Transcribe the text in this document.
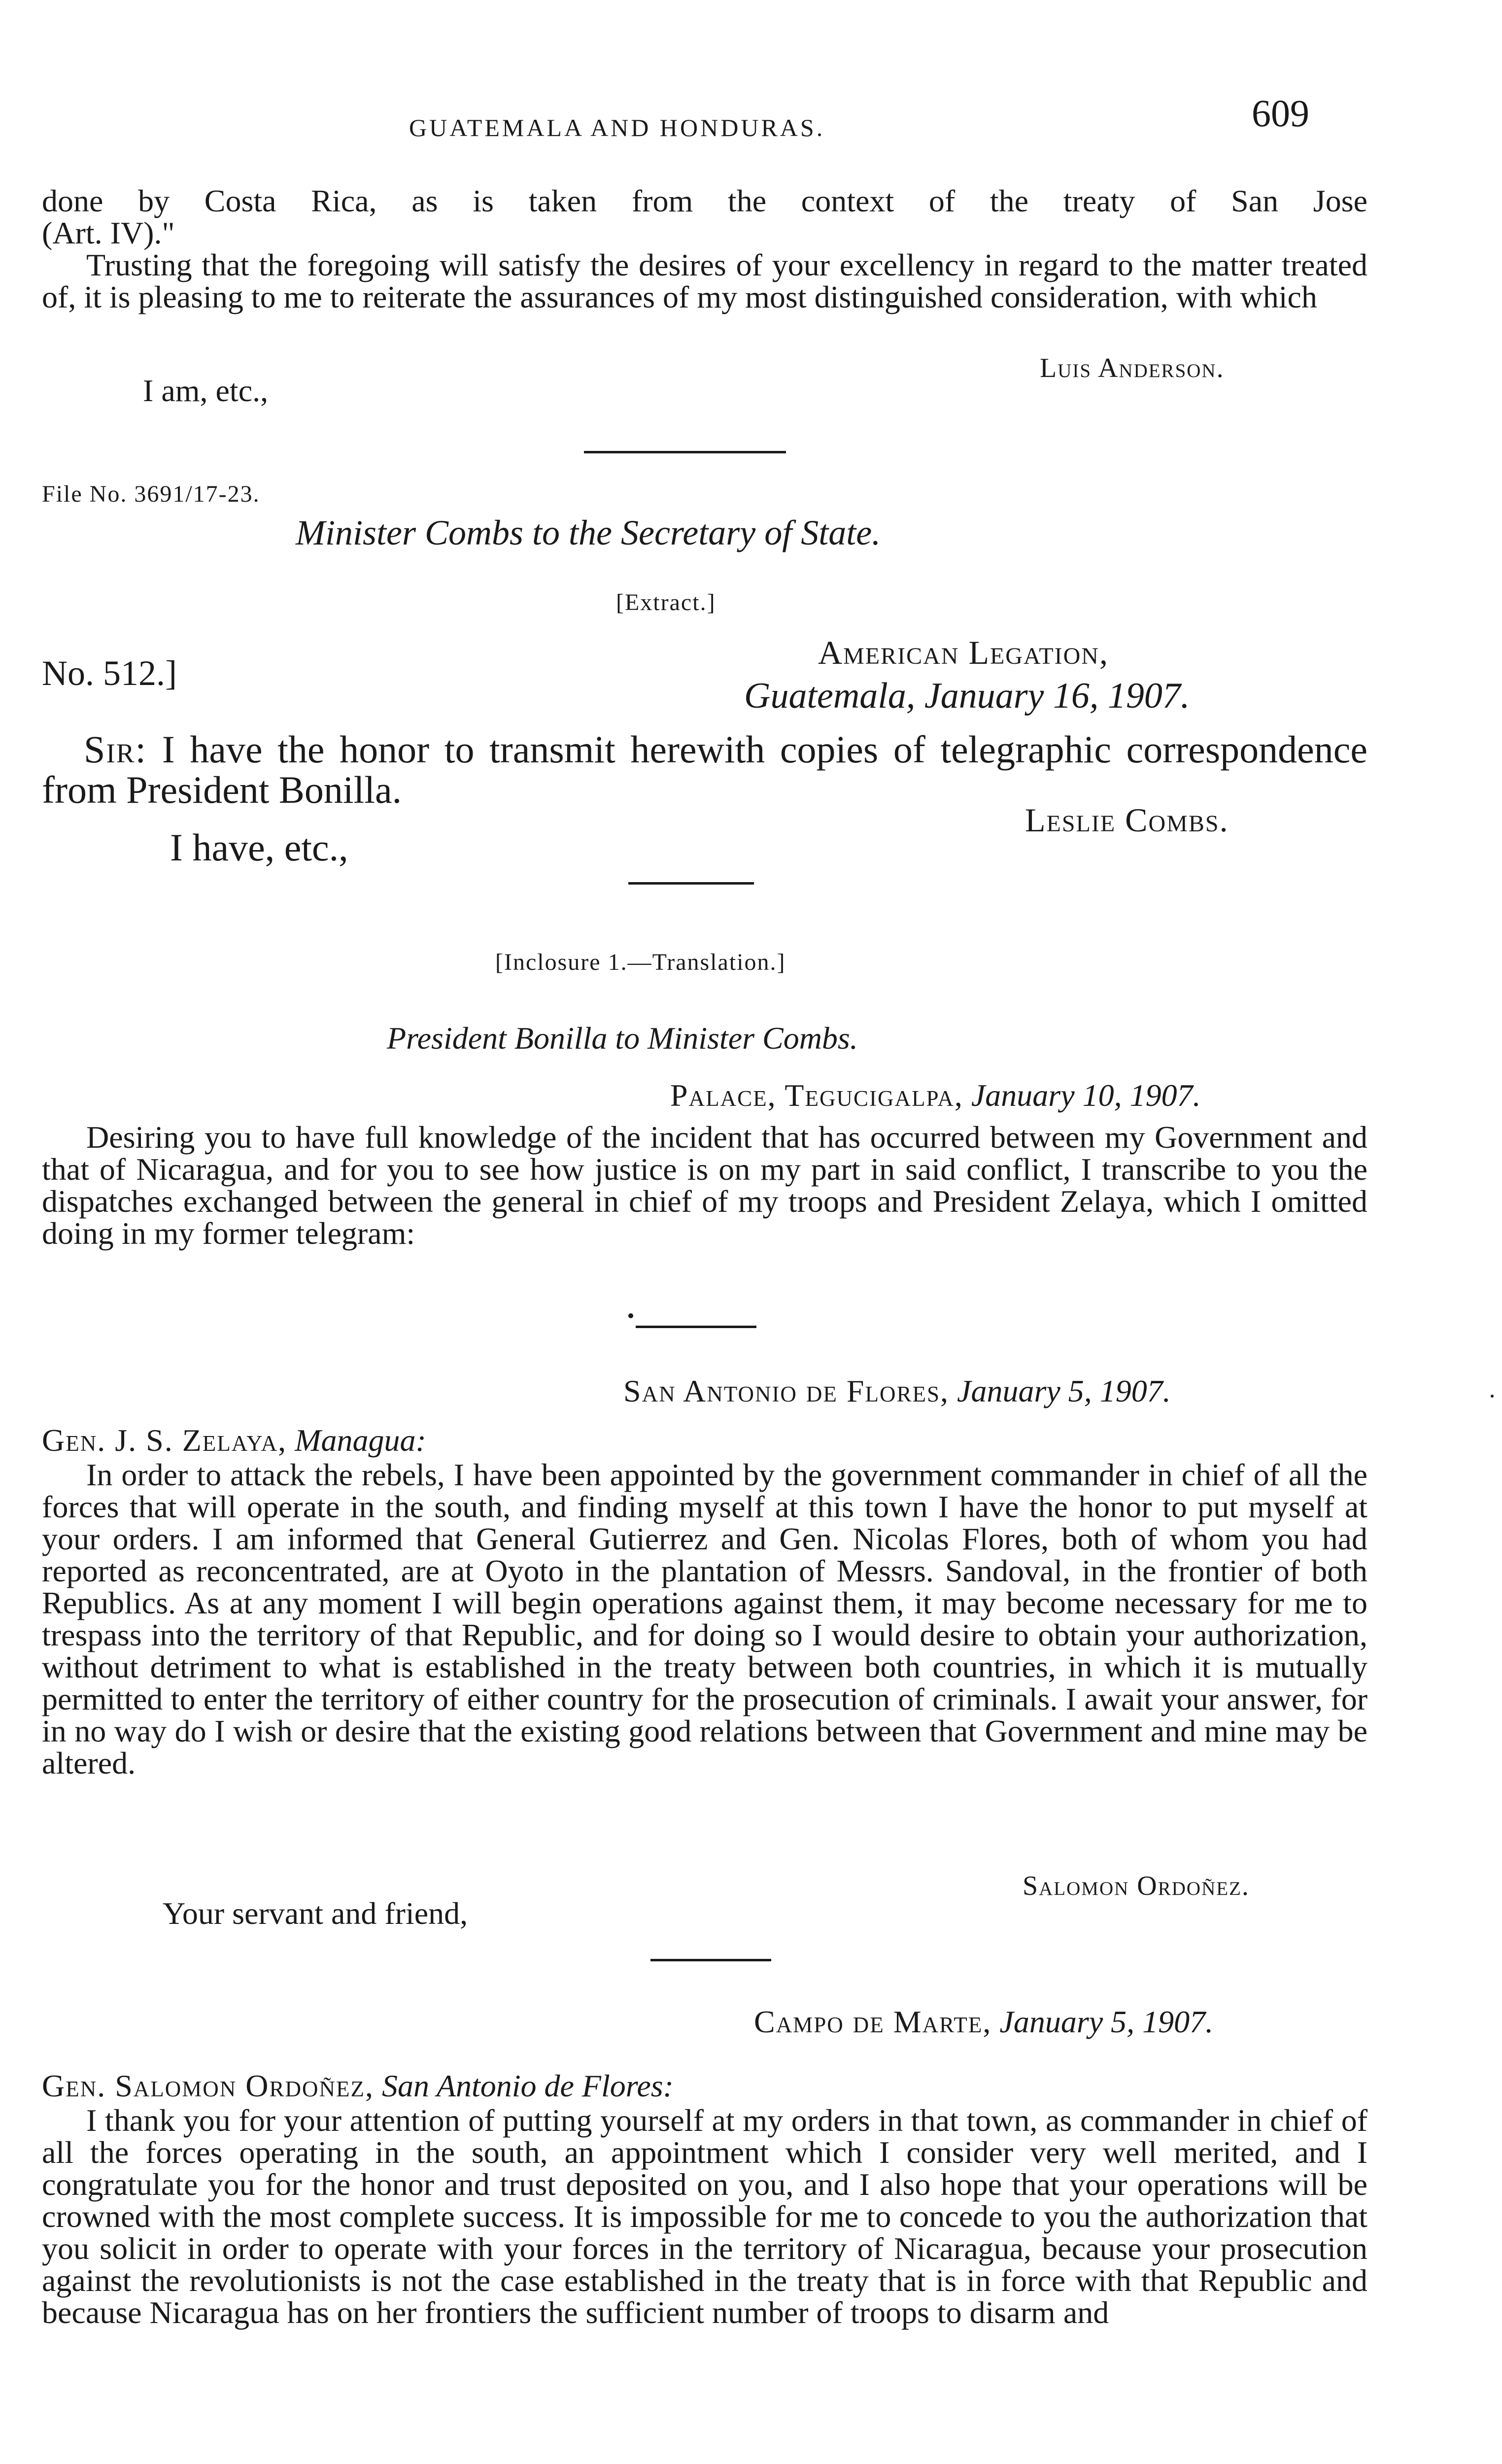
GUATEMALA AND HONDURAS.	609
done by Costa Rica, as is taken from the context of the treaty of San Jose
(Art. IV)."
Trusting that the foregoing will satisfy the desires of your excellency in regard to the matter treated of, it is pleasing to me to reiterate the assurances of my most distinguished consideration, with which
I am, etc.,
Luis Anderson.
File No. 3691/17-23.
Minister Combs to the Secretary of State.
[Extract.]
No. 512.]
American Legation,
Guatemala, January 16, 1907.
Sir: I have the honor to transmit herewith copies of telegraphic correspondence from President Bonilla.
I have, etc.,
Leslie Combs.
[Inclosure 1.—Translation.]
President Bonilla to Minister Combs.
Palace, Tegucigalpa, January 10, 1907.
Desiring you to have full knowledge of the incident that has occurred between my Government and that of Nicaragua, and for you to see how justice is on my part in said conflict, I transcribe to you the dispatches exchanged between the general in chief of my troops and President Zelaya, which I omitted doing in my former telegram:
San Antonio de Flores, January 5, 1907.
Gen. J. S. Zelaya, Managua:
In order to attack the rebels, I have been appointed by the government commander in chief of all the forces that will operate in the south, and finding myself at this town I have the honor to put myself at your orders. I am informed that General Gutierrez and Gen. Nicolas Flores, both of whom you had reported as reconcentrated, are at Oyoto in the plantation of Messrs. Sandoval, in the frontier of both Republics. As at any moment I will begin operations against them, it may become necessary for me to trespass into the territory of that Republic, and for doing so I would desire to obtain your authorization, without detriment to what is established in the treaty between both countries, in which it is mutually permitted to enter the territory of either country for the prosecution of criminals. I await your answer, for in no way do I wish or desire that the existing good relations between that Government and mine may be altered.
Your servant and friend,
Salomon Ordoñez.
Campo de Marte, January 5, 1907.
Gen. Salomon Ordoñez, San Antonio de Flores:
I thank you for your attention of putting yourself at my orders in that town, as commander in chief of all the forces operating in the south, an appointment which I consider very well merited, and I congratulate you for the honor and trust deposited on you, and I also hope that your operations will be crowned with the most complete success. It is impossible for me to concede to you the authorization that you solicit in order to operate with your forces in the territory of Nicaragua, because your prosecution against the revolutionists is not the case established in the treaty that is in force with that Republic and because Nicaragua has on her frontiers the sufficient number of troops to disarm and
